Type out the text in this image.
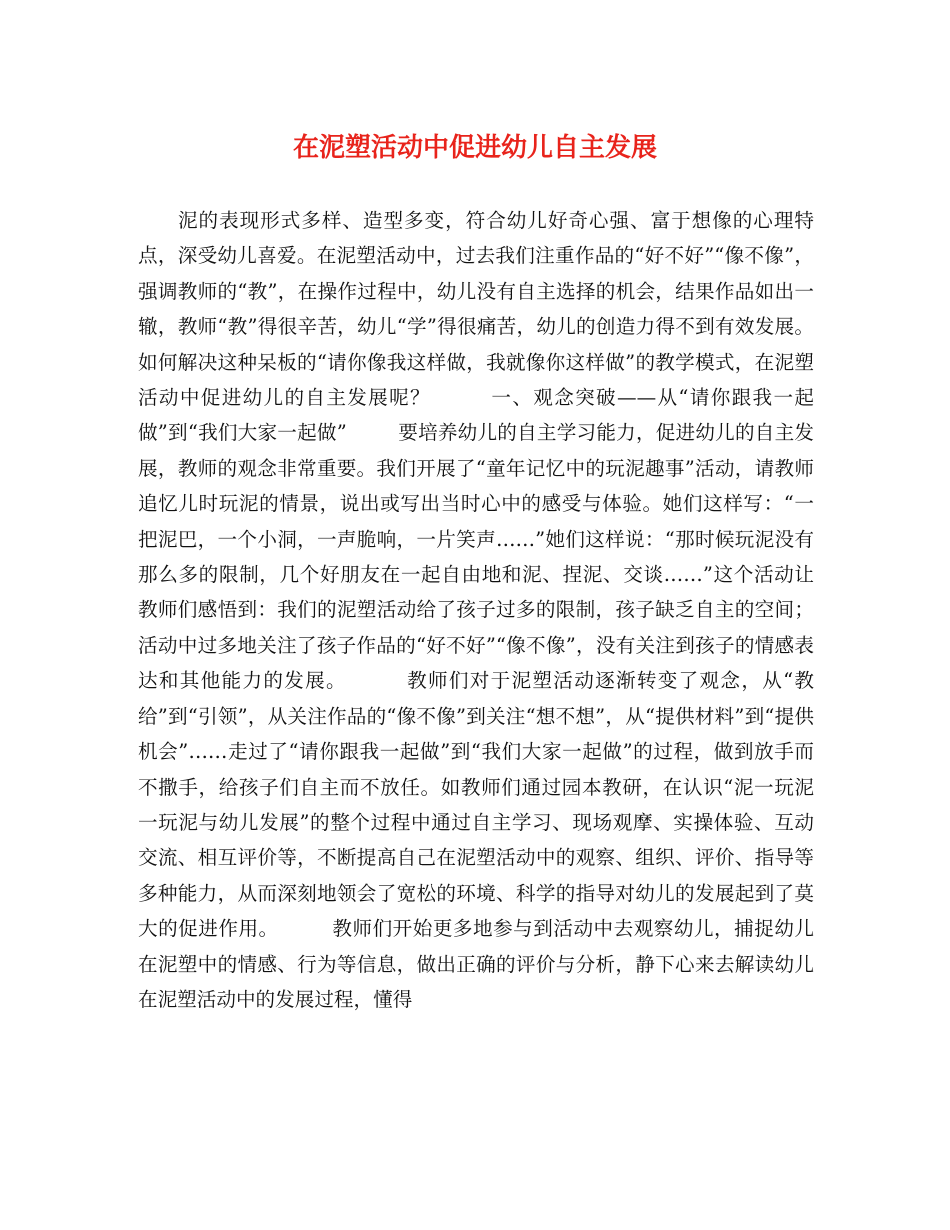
在泥塑活动中促进幼儿自主发展

泥的表现形式多样、造型多变，符合幼儿好奇心强、富于想像的心理特点，深受幼儿喜爱。在泥塑活动中，过去我们注重作品的“好不好”“像不像”，强调教师的“教”，在操作过程中，幼儿没有自主选择的机会，结果作品如出一辙，教师“教”得很辛苦，幼儿“学”得很痛苦，幼儿的创造力得不到有效发展。如何解决这种呆板的“请你像我这样做，我就像你这样做”的教学模式，在泥塑活动中促进幼儿的自主发展呢？        一、观念突破——从“请你跟我一起做”到“我们大家一起做”        要培养幼儿的自主学习能力，促进幼儿的自主发展，教师的观念非常重要。我们开展了“童年记忆中的玩泥趣事”活动，请教师追忆儿时玩泥的情景，说出或写出当时心中的感受与体验。她们这样写：“一把泥巴，一个小洞，一声脆响，一片笑声……”她们这样说：“那时候玩泥没有那么多的限制，几个好朋友在一起自由地和泥、捏泥、交谈……”这个活动让教师们感悟到：我们的泥塑活动给了孩子过多的限制，孩子缺乏自主的空间；活动中过多地关注了孩子作品的“好不好”“像不像”，没有关注到孩子的情感表达和其他能力的发展。        教师们对于泥塑活动逐渐转变了观念，从“教给”到“引领”，从关注作品的“像不像”到关注“想不想”，从“提供材料”到“提供机会”……走过了“请你跟我一起做”到“我们大家一起做”的过程，做到放手而不撒手，给孩子们自主而不放任。如教师们通过园本教研，在认识“泥一玩泥一玩泥与幼儿发展”的整个过程中通过自主学习、现场观摩、实操体验、互动交流、相互评价等，不断提高自己在泥塑活动中的观察、组织、评价、指导等多种能力，从而深刻地领会了宽松的环境、科学的指导对幼儿的发展起到了莫大的促进作用。        教师们开始更多地参与到活动中去观察幼儿，捕捉幼儿在泥塑中的情感、行为等信息，做出正确的评价与分析，静下心来去解读幼儿在泥塑活动中的发展过程，懂得
